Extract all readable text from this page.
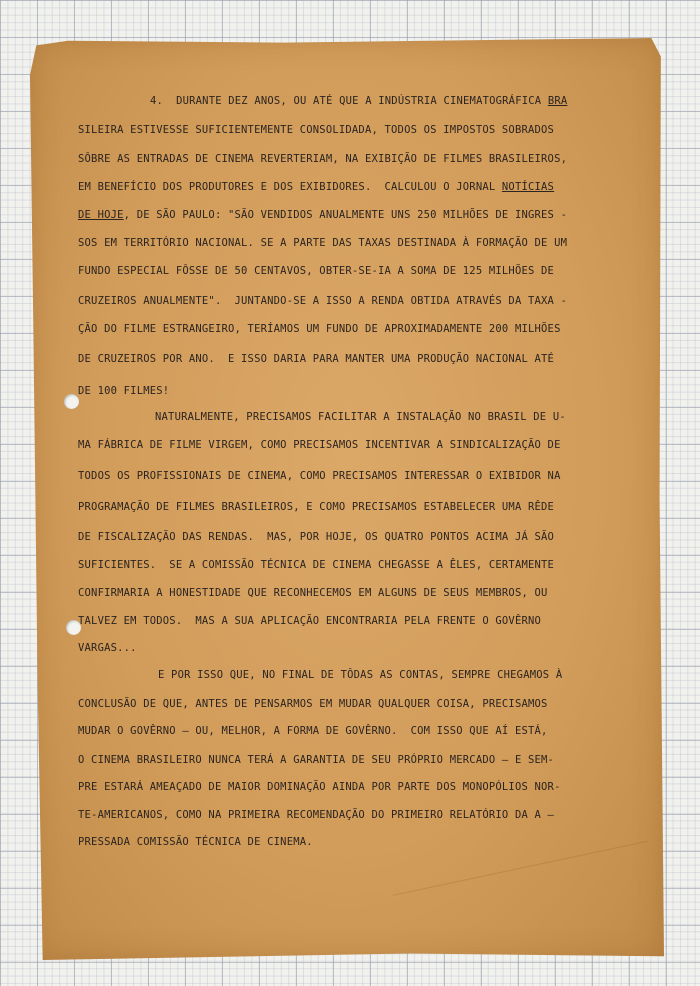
4.  DURANTE DEZ ANOS, OU ATÉ QUE A INDÚSTRIA CINEMATOGRÁFICA BRA

SILEIRA ESTIVESSE SUFICIENTEMENTE CONSOLIDADA, TODOS OS IMPOSTOS SOBRADOS

SÔBRE AS ENTRADAS DE CINEMA REVERTERIAM, NA EXIBIÇÃO DE FILMES BRASILEIROS,

EM BENEFÍCIO DOS PRODUTORES E DOS EXIBIDORES.  CALCULOU O JORNAL NOTÍCIAS

DE HOJE, DE SÃO PAULO: "SÃO VENDIDOS ANUALMENTE UNS 250 MILHÕES DE INGRES -

SOS EM TERRITÓRIO NACIONAL. SE A PARTE DAS TAXAS DESTINADA À FORMAÇÃO DE UM

FUNDO ESPECIAL FÔSSE DE 50 CENTAVOS, OBTER-SE-IA A SOMA DE 125 MILHÕES DE

CRUZEIROS ANUALMENTE".  JUNTANDO-SE A ISSO A RENDA OBTIDA ATRAVÉS DA TAXA -

ÇÃO DO FILME ESTRANGEIRO, TERÍAMOS UM FUNDO DE APROXIMADAMENTE 200 MILHÕES

DE CRUZEIROS POR ANO.  E ISSO DARIA PARA MANTER UMA PRODUÇÃO NACIONAL ATÉ

DE 100 FILMES!

NATURALMENTE, PRECISAMOS FACILITAR A INSTALAÇÃO NO BRASIL DE U-

MA FÁBRICA DE FILME VIRGEM, COMO PRECISAMOS INCENTIVAR A SINDICALIZAÇÃO DE

TODOS OS PROFISSIONAIS DE CINEMA, COMO PRECISAMOS INTERESSAR O EXIBIDOR NA

PROGRAMAÇÃO DE FILMES BRASILEIROS, E COMO PRECISAMOS ESTABELECER UMA RÊDE

DE FISCALIZAÇÃO DAS RENDAS.  MAS, POR HOJE, OS QUATRO PONTOS ACIMA JÁ SÃO

SUFICIENTES.  SE A COMISSÃO TÉCNICA DE CINEMA CHEGASSE A ÊLES, CERTAMENTE

CONFIRMARIA A HONESTIDADE QUE RECONHECEMOS EM ALGUNS DE SEUS MEMBROS, OU

TALVEZ EM TODOS.  MAS A SUA APLICAÇÃO ENCONTRARIA PELA FRENTE O GOVÊRNO

VARGAS...

E POR ISSO QUE, NO FINAL DE TÔDAS AS CONTAS, SEMPRE CHEGAMOS À

CONCLUSÃO DE QUE, ANTES DE PENSARMOS EM MUDAR QUALQUER COISA, PRECISAMOS

MUDAR O GOVÊRNO — OU, MELHOR, A FORMA DE GOVÊRNO.  COM ISSO QUE AÍ ESTÁ,

O CINEMA BRASILEIRO NUNCA TERÁ A GARANTIA DE SEU PRÓPRIO MERCADO — E SEM-

PRE ESTARÁ AMEAÇADO DE MAIOR DOMINAÇÃO AINDA POR PARTE DOS MONOPÓLIOS NOR-

TE-AMERICANOS, COMO NA PRIMEIRA RECOMENDAÇÃO DO PRIMEIRO RELATÓRIO DA A —

PRESSADA COMISSÃO TÉCNICA DE CINEMA.
